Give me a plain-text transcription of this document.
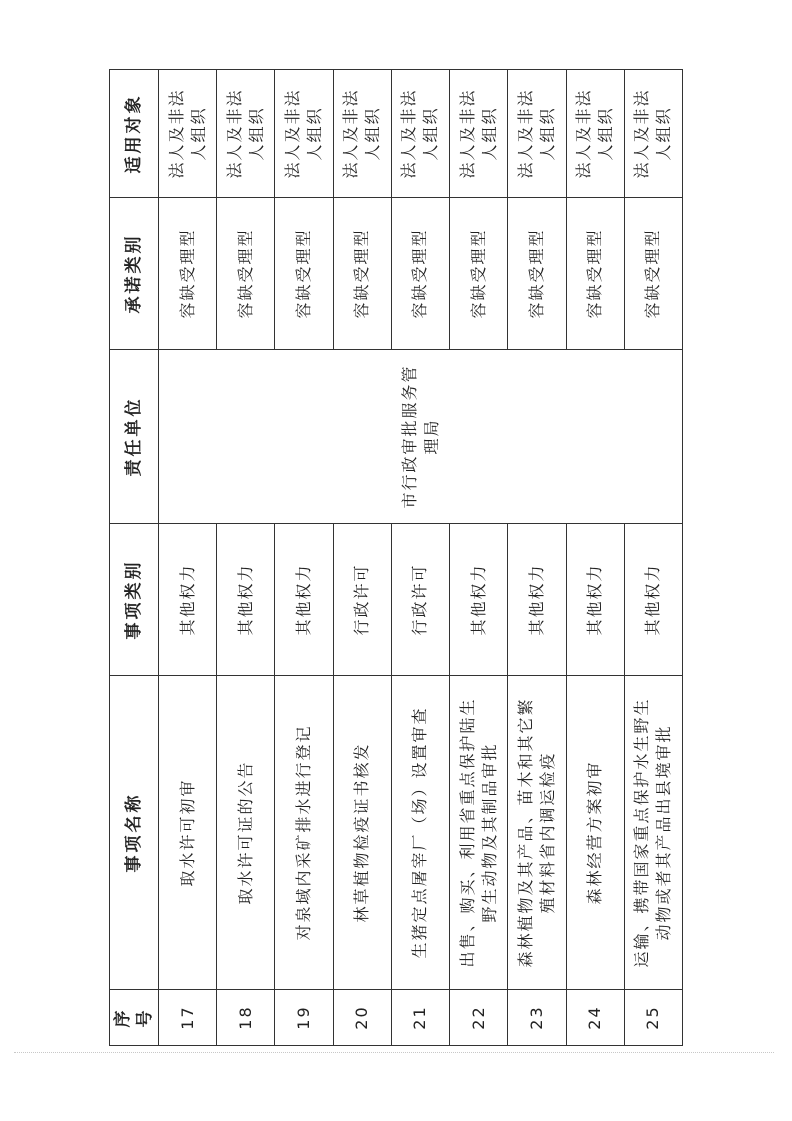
序号	事项名称	事项类别	责任单位	承诺类别	适用对象
17	取水许可初审	其他权力	市行政审批服务管理局	容缺受理型	法人及非法人组织
18	取水许可证的公告	其他权力		容缺受理型	法人及非法人组织
19	对泉域内采矿排水进行登记	其他权力		容缺受理型	法人及非法人组织
20	林草植物检疫证书核发	行政许可		容缺受理型	法人及非法人组织
21	生猪定点屠宰厂（场）设置审查	行政许可		容缺受理型	法人及非法人组织
22	出售、购买、利用省重点保护陆生野生动物及其制品审批	其他权力		容缺受理型	法人及非法人组织
23	森林植物及其产品、苗木和其它繁殖材料省内调运检疫	其他权力		容缺受理型	法人及非法人组织
24	森林经营方案初审	其他权力		容缺受理型	法人及非法人组织
25	运输、携带国家重点保护水生野生动物或者其产品出县境审批	其他权力		容缺受理型	法人及非法人组织
